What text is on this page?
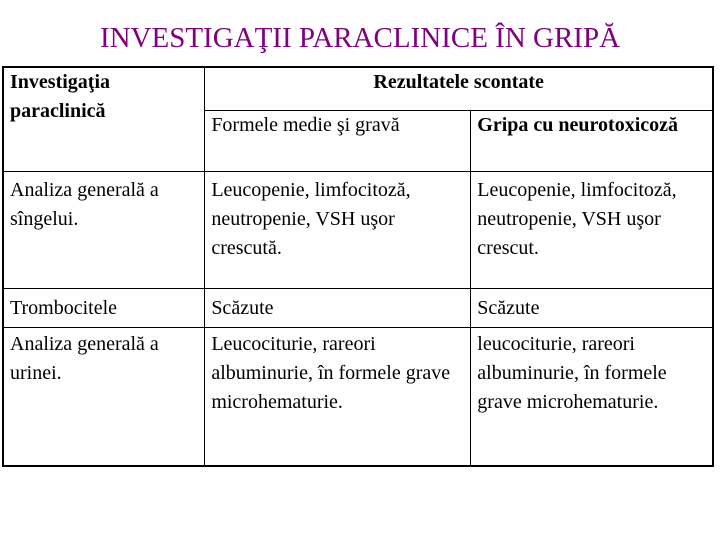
INVESTIGAŢII PARACLINICE ÎN GRIPĂ
Investigaţia paraclinică	Rezultatele scontate	
	Formele medie şi gravă	Gripa cu neurotoxicoză
Analiza generală a sîngelui.	Leucopenie, limfocitoză, neutropenie, VSH uşor crescută.	Leucopenie, limfocitoză, neutropenie, VSH uşor crescut.
Trombocitele	Scăzute	Scăzute
Analiza generală a urinei.	Leucocituriе, rareori albuminurie, în formele grave microhematurie.	leucociturie, rareori albuminurie, în formele grave microhematurie.
